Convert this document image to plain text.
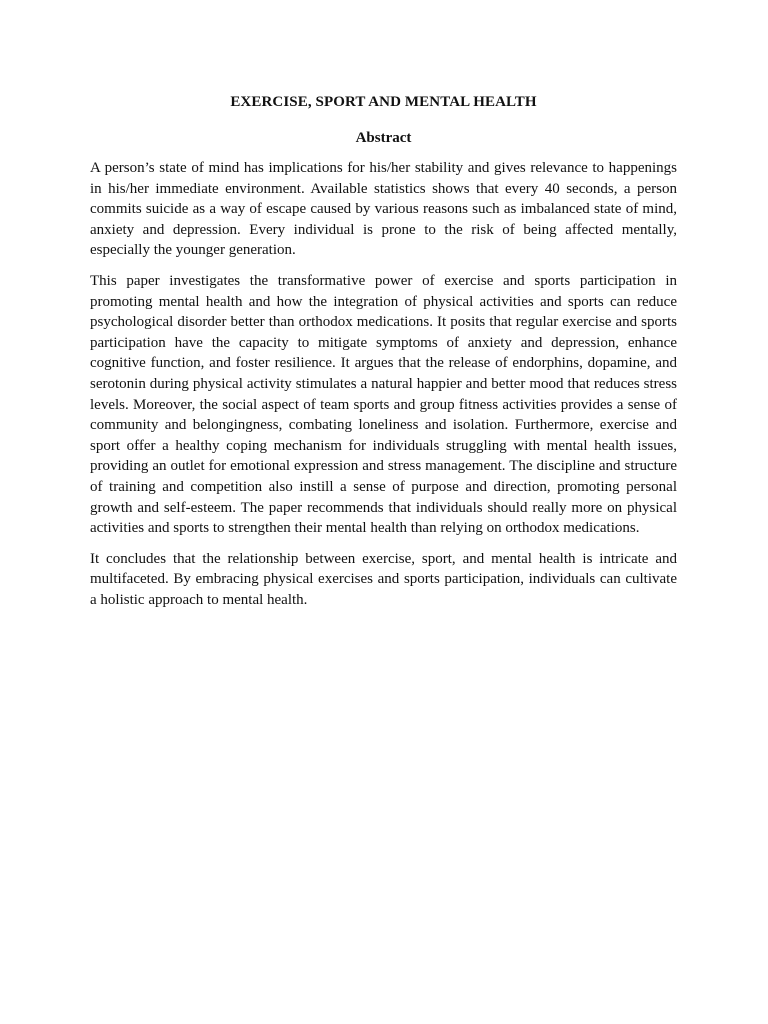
EXERCISE, SPORT AND MENTAL HEALTH
Abstract

A person’s state of mind has implications for his/her stability and gives relevance to happenings in his/her immediate environment. Available statistics shows that every 40 seconds, a person commits suicide as a way of escape caused by various reasons such as imbalanced state of mind, anxiety and depression. Every individual is prone to the risk of being affected mentally, especially the younger generation.

This paper investigates the transformative power of exercise and sports participation in promoting mental health and how the integration of physical activities and sports can reduce psychological disorder better than orthodox medications. It posits that regular exercise and sports participation have the capacity to mitigate symptoms of anxiety and depression, enhance cognitive function, and foster resilience. It argues that the release of endorphins, dopamine, and serotonin during physical activity stimulates a natural happier and better mood that reduces stress levels. Moreover, the social aspect of team sports and group fitness activities provides a sense of community and belongingness, combating loneliness and isolation. Furthermore, exercise and sport offer a healthy coping mechanism for individuals struggling with mental health issues, providing an outlet for emotional expression and stress management. The discipline and structure of training and competition also instill a sense of purpose and direction, promoting personal growth and self-esteem. The paper recommends that individuals should really more on physical activities and sports to strengthen their mental health than relying on orthodox medications.

It concludes that the relationship between exercise, sport, and mental health is intricate and multifaceted. By embracing physical exercises and sports participation, individuals can cultivate a holistic approach to mental health.
